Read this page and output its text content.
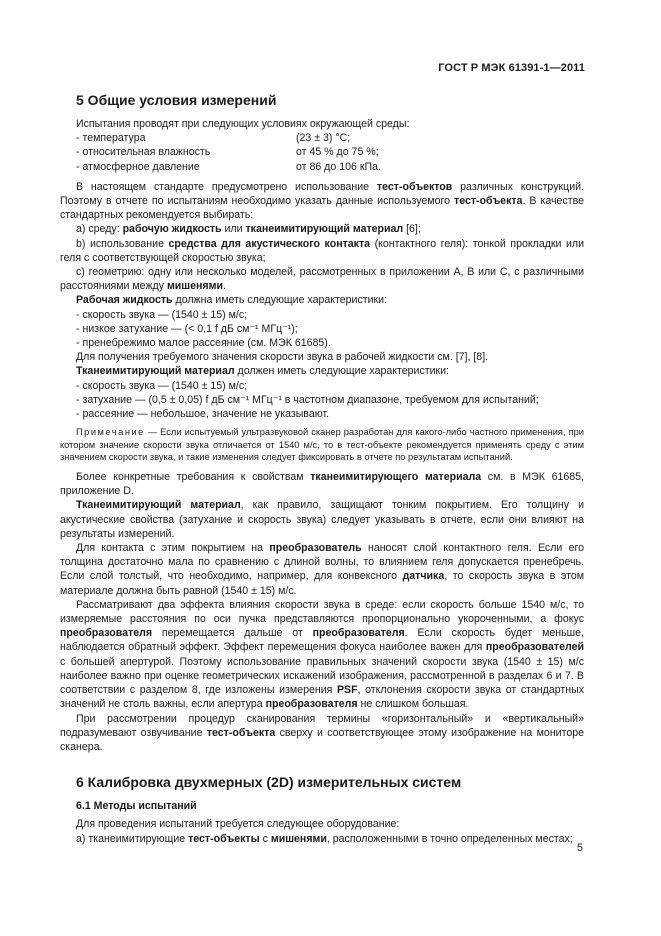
ГОСТ Р МЭК 61391-1—2011
5 Общие условия измерений

Испытания проводят при следующих условиях окружающей среды:

- температура	(23 ± 3) °С;
- относительная влажность	от 45 % до 75 %;
- атмосферное давление	от 86 до 106 кПа.

В настоящем стандарте предусмотрено использование тест-объектов различных конструкций. Поэтому в отчете по испытаниям необходимо указать данные используемого тест-объекта. В качестве стандартных рекомендуется выбирать:

а) среду: рабочую жидкость или тканеимитирующий материал [6];

b) использование средства для акустического контакта (контактного геля): тонкой прокладки или геля с соответствующей скоростью звука;

с) геометрию: одну или несколько моделей, рассмотренных в приложении А, В или С, с различными расстояниями между мишенями.

Рабочая жидкость должна иметь следующие характеристики:

- скорость звука — (1540 ± 15) м/с;

- низкое затухание — (< 0,1 f дБ см⁻¹ МГц⁻¹);

- пренебрежимо малое рассеяние (см. МЭК 61685).

Для получения требуемого значения скорости звука в рабочей жидкости см. [7], [8].

Тканеимитирующий материал должен иметь следующие характеристики:

- скорость звука — (1540 ± 15) м/с;

- затухание — (0,5 ± 0,05) f дБ см⁻¹ МГц⁻¹ в частотном диапазоне, требуемом для испытаний;

- рассеяние — небольшое, значение не указывают.

Примечание — Если испытуемый ультразвуковой сканер разработан для какого-либо частного применения, при котором значение скорости звука отличается от 1540 м/с, то в тест-объекте рекомендуется применять среду с этим значением скорости звука, и такие изменения следует фиксировать в отчете по результатам испытаний.

Более конкретные требования к свойствам тканеимитирующего материала см. в МЭК 61685, приложение D.

Тканеимитирующий материал, как правило, защищают тонким покрытием. Его толщину и акустические свойства (затухание и скорость звука) следует указывать в отчете, если они влияют на результаты измерений.

Для контакта с этим покрытием на преобразователь наносят слой контактного геля. Если его толщина достаточно мала по сравнению с длиной волны, то влиянием геля допускается пренебречь. Если слой толстый, что необходимо, например, для конвексного датчика, то скорость звука в этом материале должна быть равной (1540 ± 15) м/с.

Рассматривают два эффекта влияния скорости звука в среде: если скорость больше 1540 м/с, то измеряемые расстояния по оси пучка представляются пропорционально укороченными, а фокус преобразователя перемещается дальше от преобразователя. Если скорость будет меньше, наблюдается обратный эффект. Эффект перемещения фокуса наиболее важен для преобразователей с большей апертурой. Поэтому использование правильных значений скорости звука (1540 ± 15) м/с наиболее важно при оценке геометрических искажений изображения, рассмотренной в разделах 6 и 7. В соответствии с разделом 8, где изложены измерения PSF, отклонения скорости звука от стандартных значений не столь важны, если апертура преобразователя не слишком большая.

При рассмотрении процедур сканирования термины «горизонтальный» и «вертикальный» подразумевают озвучивание тест-объекта сверху и соответствующее этому изображение на мониторе сканера.

6 Калибровка двухмерных (2D) измерительных систем
6.1 Методы испытаний

Для проведения испытаний требуется следующее оборудование:

а) тканеимитирующие тест-объекты с мишенями, расположенными в точно определенных местах;

5
